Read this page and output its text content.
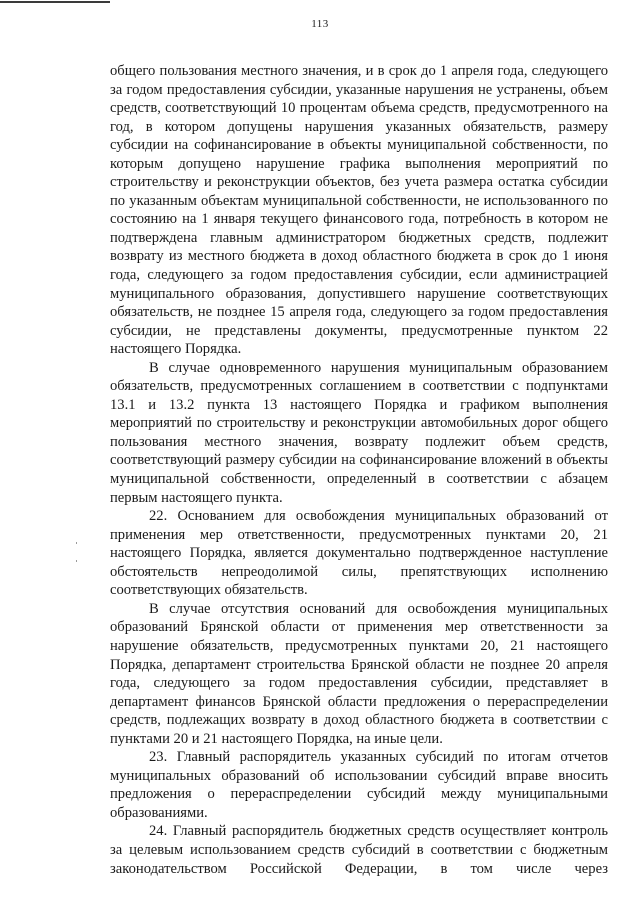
113

общего пользования местного значения, и в срок до 1 апреля года, следующего за годом предоставления субсидии, указанные нарушения не устранены, объем средств, соответствующий 10 процентам объема средств, предусмотренного на год, в котором допущены нарушения указанных обязательств, размеру субсидии на софинансирование в объекты муниципальной собственности, по которым допущено нарушение графика выполнения мероприятий по строительству и реконструкции объектов, без учета размера остатка субсидии по указанным объектам муниципальной собственности, не использованного по состоянию на 1 января текущего финансового года, потребность в котором не подтверждена главным администратором бюджетных средств, подлежит возврату из местного бюджета в доход областного бюджета в срок до 1 июня года, следующего за годом предоставления субсидии, если администрацией муниципального образования, допустившего нарушение соответствующих обязательств, не позднее 15 апреля года, следующего за годом предоставления субсидии, не представлены документы, предусмотренные пунктом 22 настоящего Порядка.

В случае одновременного нарушения муниципальным образованием обязательств, предусмотренных соглашением в соответствии с подпунктами 13.1 и 13.2 пункта 13 настоящего Порядка и графиком выполнения мероприятий по строительству и реконструкции автомобильных дорог общего пользования местного значения, возврату подлежит объем средств, соответствующий размеру субсидии на софинансирование вложений в объекты муниципальной собственности, определенный в соответствии с абзацем первым настоящего пункта.

22. Основанием для освобождения муниципальных образований от применения мер ответственности, предусмотренных пунктами 20, 21 настоящего Порядка, является документально подтвержденное наступление обстоятельств непреодолимой силы, препятствующих исполнению соответствующих обязательств.

В случае отсутствия оснований для освобождения муниципальных образований Брянской области от применения мер ответственности за нарушение обязательств, предусмотренных пунктами 20, 21 настоящего Порядка, департамент строительства Брянской области не позднее 20 апреля года, следующего за годом предоставления субсидии, представляет в департамент финансов Брянской области предложения о перераспределении средств, подлежащих возврату в доход областного бюджета в соответствии с пунктами 20 и 21 настоящего Порядка, на иные цели.

23. Главный распорядитель указанных субсидий по итогам отчетов муниципальных образований об использовании субсидий вправе вносить предложения о перераспределении субсидий между муниципальными образованиями.

24. Главный распорядитель бюджетных средств осуществляет контроль за целевым использованием средств субсидий в соответствии с бюджетным законодательством Российской Федерации, в том числе через
